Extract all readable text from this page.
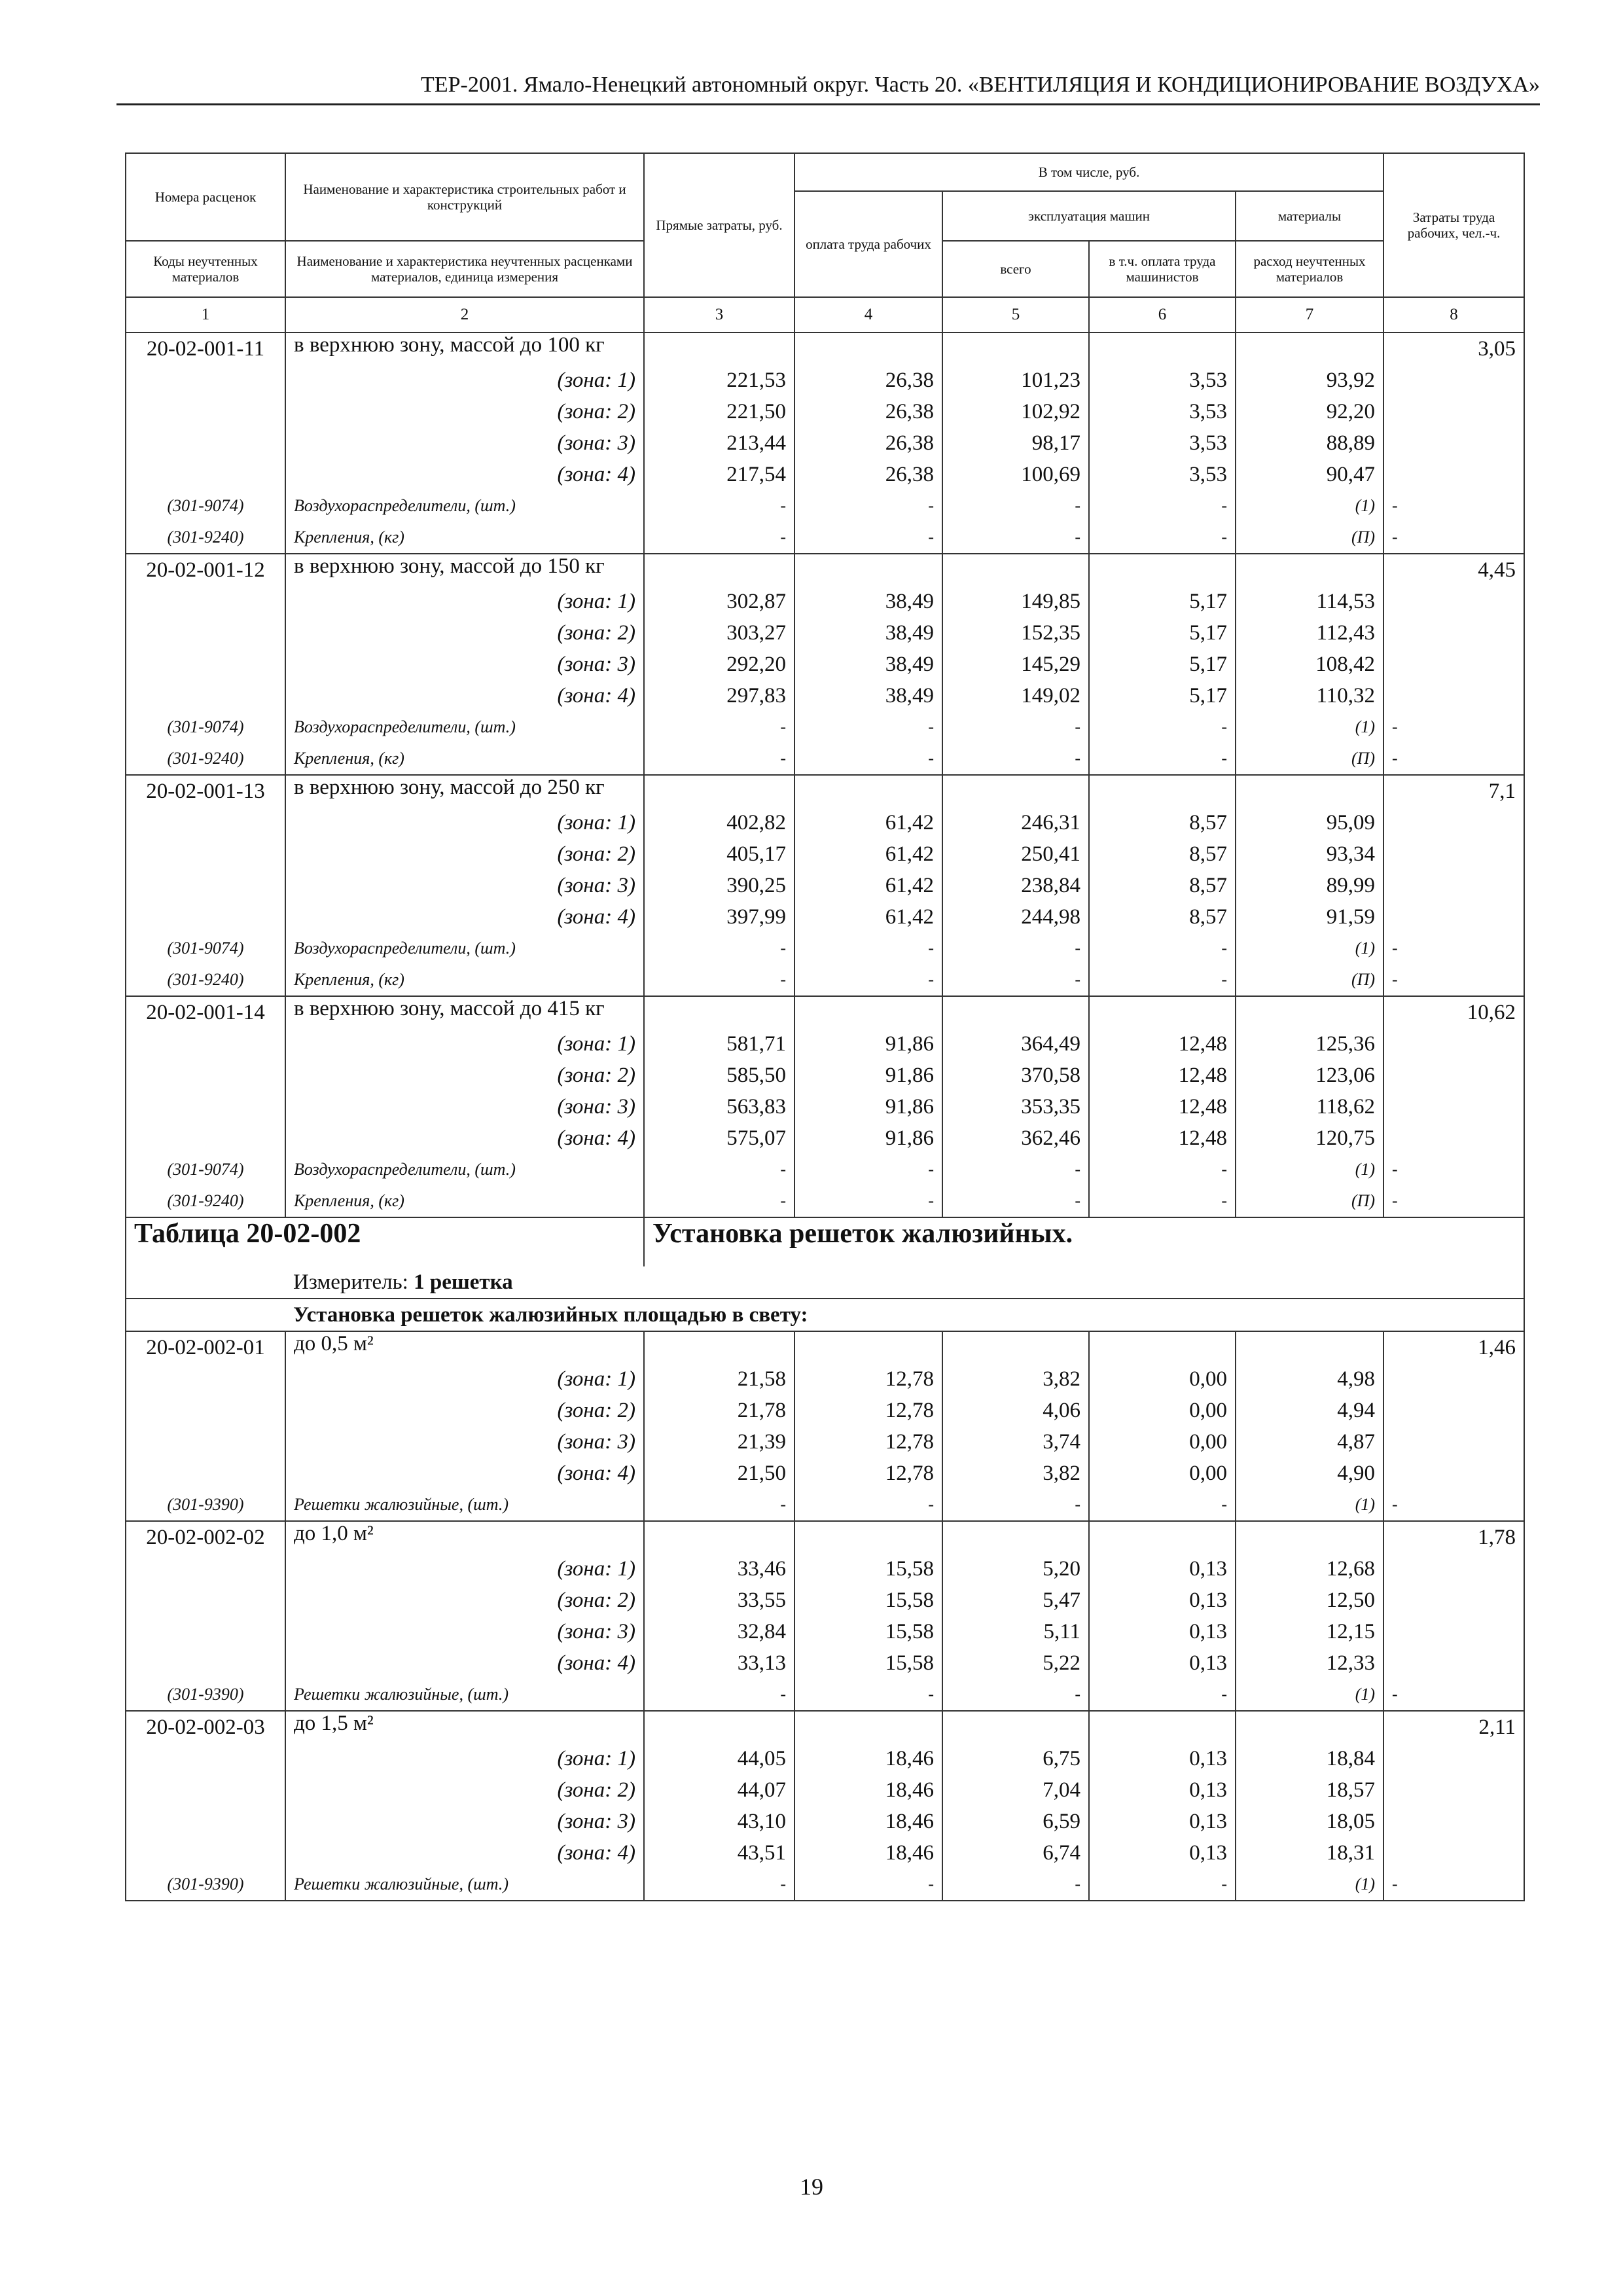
ТЕР-2001. Ямало-Ненецкий автономный округ. Часть 20. «ВЕНТИЛЯЦИЯ И КОНДИЦИОНИРОВАНИЕ ВОЗДУХА»
Номера расценок	Наименование и характеристика строительных работ и конструкций	Прямые затраты, руб.	В том числе, руб.				Затраты труда рабочих, чел.-ч.
			оплата труда рабочих	эксплуатация машин		материалы	
Коды неучтенных материалов	Наименование и характеристика неучтенных расценками материалов, единица измерения			всего	в т.ч. оплата труда машинистов	расход неучтенных материалов	
1	2	3	4	5	6	7	8
20-02-001-11	в верхнюю зону, массой до 100 кг						3,05
	(зона: 1)	221,53	26,38	101,23	3,53	93,92	
	(зона: 2)	221,50	26,38	102,92	3,53	92,20	
	(зона: 3)	213,44	26,38	98,17	3,53	88,89	
	(зона: 4)	217,54	26,38	100,69	3,53	90,47	
(301-9074)	Воздухораспределители, (шт.)	-	-	-	-	(1)	-
(301-9240)	Крепления, (кг)	-	-	-	-	(П)	-
20-02-001-12	в верхнюю зону, массой до 150 кг						4,45
	(зона: 1)	302,87	38,49	149,85	5,17	114,53	
	(зона: 2)	303,27	38,49	152,35	5,17	112,43	
	(зона: 3)	292,20	38,49	145,29	5,17	108,42	
	(зона: 4)	297,83	38,49	149,02	5,17	110,32	
(301-9074)	Воздухораспределители, (шт.)	-	-	-	-	(1)	-
(301-9240)	Крепления, (кг)	-	-	-	-	(П)	-
20-02-001-13	в верхнюю зону, массой до 250 кг						7,1
	(зона: 1)	402,82	61,42	246,31	8,57	95,09	
	(зона: 2)	405,17	61,42	250,41	8,57	93,34	
	(зона: 3)	390,25	61,42	238,84	8,57	89,99	
	(зона: 4)	397,99	61,42	244,98	8,57	91,59	
(301-9074)	Воздухораспределители, (шт.)	-	-	-	-	(1)	-
(301-9240)	Крепления, (кг)	-	-	-	-	(П)	-
20-02-001-14	в верхнюю зону, массой до 415 кг						10,62
	(зона: 1)	581,71	91,86	364,49	12,48	125,36	
	(зона: 2)	585,50	91,86	370,58	12,48	123,06	
	(зона: 3)	563,83	91,86	353,35	12,48	118,62	
	(зона: 4)	575,07	91,86	362,46	12,48	120,75	
(301-9074)	Воздухораспределители, (шт.)	-	-	-	-	(1)	-
(301-9240)	Крепления, (кг)	-	-	-	-	(П)	-
Таблица 20-02-002		Установка решеток жалюзийных.					
	Измеритель: 1 решетка						
	Установка решеток жалюзийных площадью в свету:						
20-02-002-01	до 0,5 м²						1,46
	(зона: 1)	21,58	12,78	3,82	0,00	4,98	
	(зона: 2)	21,78	12,78	4,06	0,00	4,94	
	(зона: 3)	21,39	12,78	3,74	0,00	4,87	
	(зона: 4)	21,50	12,78	3,82	0,00	4,90	
(301-9390)	Решетки жалюзийные, (шт.)	-	-	-	-	(1)	-
20-02-002-02	до 1,0 м²						1,78
	(зона: 1)	33,46	15,58	5,20	0,13	12,68	
	(зона: 2)	33,55	15,58	5,47	0,13	12,50	
	(зона: 3)	32,84	15,58	5,11	0,13	12,15	
	(зона: 4)	33,13	15,58	5,22	0,13	12,33	
(301-9390)	Решетки жалюзийные, (шт.)	-	-	-	-	(1)	-
20-02-002-03	до 1,5 м²						2,11
	(зона: 1)	44,05	18,46	6,75	0,13	18,84	
	(зона: 2)	44,07	18,46	7,04	0,13	18,57	
	(зона: 3)	43,10	18,46	6,59	0,13	18,05	
	(зона: 4)	43,51	18,46	6,74	0,13	18,31	
(301-9390)	Решетки жалюзийные, (шт.)	-	-	-	-	(1)	-
19
